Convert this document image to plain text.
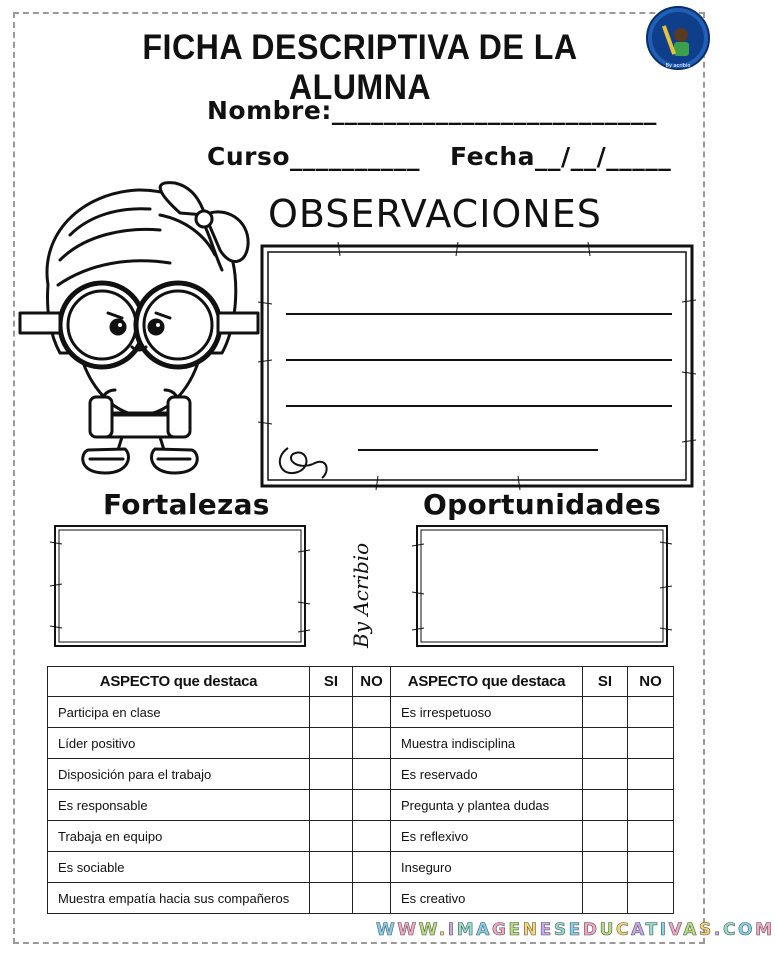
FICHA DESCRIPTIVA DE LA ALUMNA
By acribio
Nombre:_________________________
Curso__________ Fecha__/__/_____
OBSERVACIONES
Fortalezas	Oportunidades
By Acribio
ASPECTO que destaca	SI	NO	ASPECTO que destaca	SI	NO
Participa en clase			Es irrespetuoso		
Líder positivo			Muestra indisciplina		
Disposición para el trabajo			Es reservado		
Es responsable			Pregunta y plantea dudas		
Trabaja en equipo			Es reflexivo		
Es sociable			Inseguro		
Muestra empatía hacia sus compañeros			Es creativo		
WWW.IMAGENESEDUCATIVAS.COM
